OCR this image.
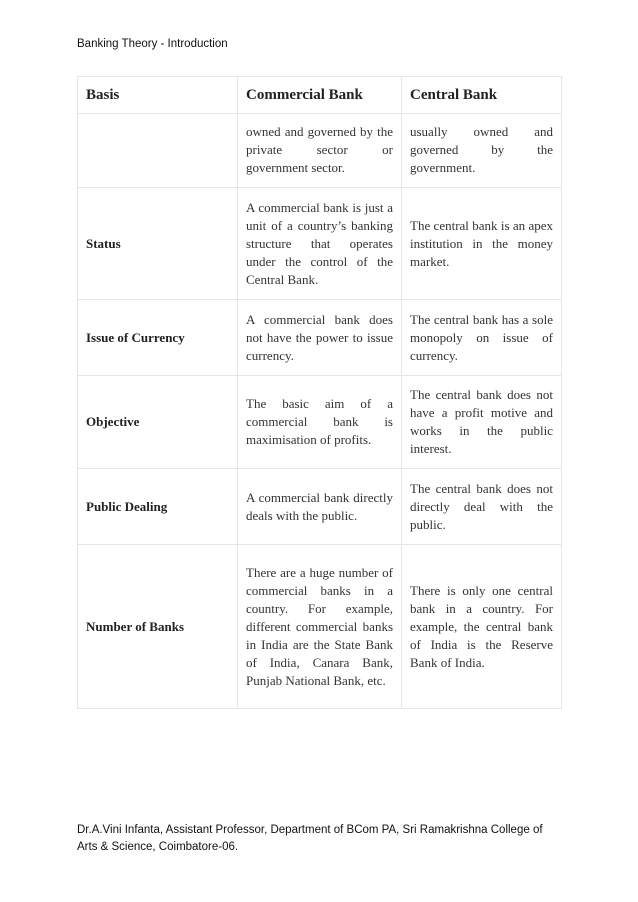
Banking Theory - Introduction
Basis	Commercial Bank	Central Bank
	owned and governed by the private sector or government sector.	usually owned and governed by the government.
Status	A commercial bank is just a unit of a country’s banking structure that operates under the control of the Central Bank.	The central bank is an apex institution in the money market.
Issue of Currency	A commercial bank does not have the power to issue currency.	The central bank has a sole monopoly on issue of currency.
Objective	The basic aim of a commercial bank is maximisation of profits.	The central bank does not have a profit motive and works in the public interest.
Public Dealing	A commercial bank directly deals with the public.	The central bank does not directly deal with the public.
Number of Banks	There are a huge number of commercial banks in a country. For example, different commercial banks in India are the State Bank of India, Canara Bank, Punjab National Bank, etc.	There is only one central bank in a country. For example, the central bank of India is the Reserve Bank of India.
Dr.A.Vini Infanta, Assistant Professor, Department of BCom PA, Sri Ramakrishna College of Arts & Science, Coimbatore-06.
